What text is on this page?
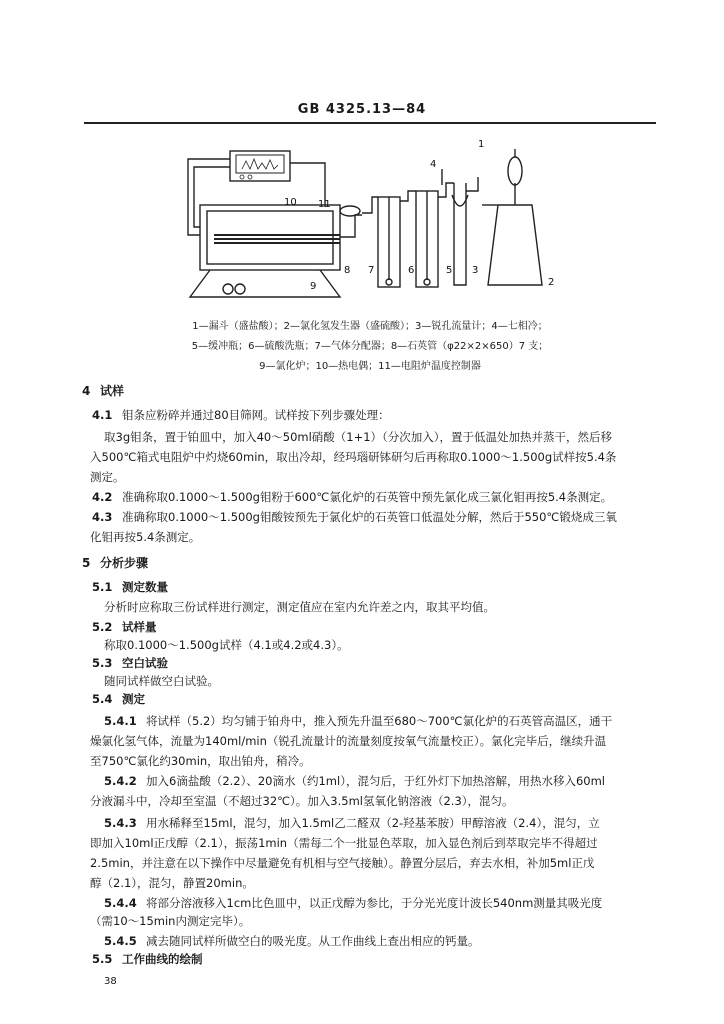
GB 4325.13—84
1
2
3
4
5
6
7
8
9
10 11
1—漏斗（盛盐酸）；2—氯化氢发生器（盛硫酸）；3—锐孔流量计；4—七相冷；
5—缓冲瓶；6—硫酸洗瓶；7—气体分配器；8—石英管（φ22×2×650）7 支；
9—氯化炉；10—热电偶；11—电阻炉温度控制器
4 试样
4.1 钼条应粉碎并通过80目筛网。试样按下列步骤处理：
取3g钼条，置于铂皿中，加入40～50ml硝酸（1+1）（分次加入），置于低温处加热并蒸干，然后移
入500℃箱式电阻炉中灼烧60min，取出冷却，经玛瑙研钵研匀后再称取0.1000～1.500g试样按5.4条
测定。
4.2 准确称取0.1000～1.500g钼粉于600℃氯化炉的石英管中预先氯化成三氯化钼再按5.4条测定。
4.3 准确称取0.1000～1.500g钼酸铵预先于氯化炉的石英管口低温处分解，然后于550℃锻烧成三氧
化钼再按5.4条测定。
5 分析步骤
5.1 测定数量
分析时应称取三份试样进行测定，测定值应在室内允许差之内，取其平均值。
5.2 试样量
称取0.1000～1.500g试样（4.1或4.2或4.3）。
5.3 空白试验
随同试样做空白试验。
5.4 测定
5.4.1 将试样（5.2）均匀铺于铂舟中，推入预先升温至680～700℃氯化炉的石英管高温区，通干
燥氯化氢气体，流量为140ml/min（锐孔流量计的流量刻度按氧气流量校正）。氯化完毕后，继续升温
至750℃氯化约30min，取出铂舟，稍冷。
5.4.2 加入6滴盐酸（2.2）、20滴水（约1ml），混匀后，于红外灯下加热溶解，用热水移入60ml
分液漏斗中，冷却至室温（不超过32℃）。加入3.5ml氢氧化钠溶液（2.3），混匀。
5.4.3 用水稀释至15ml，混匀，加入1.5ml乙二醛双（2-羟基苯胺）甲醇溶液（2.4），混匀，立
即加入10ml正戊醇（2.1），振荡1min（需每二个一批显色萃取，加入显色剂后到萃取完毕不得超过
2.5min，并注意在以下操作中尽量避免有机相与空气接触）。静置分层后，弃去水相，补加5ml正戊
醇（2.1），混匀，静置20min。
5.4.4 将部分溶液移入1cm比色皿中，以正戊醇为参比，于分光光度计波长540nm测量其吸光度
（需10～15min内测定完毕）。
5.4.5 减去随同试样所做空白的吸光度。从工作曲线上查出相应的钙量。
5.5 工作曲线的绘制
38
